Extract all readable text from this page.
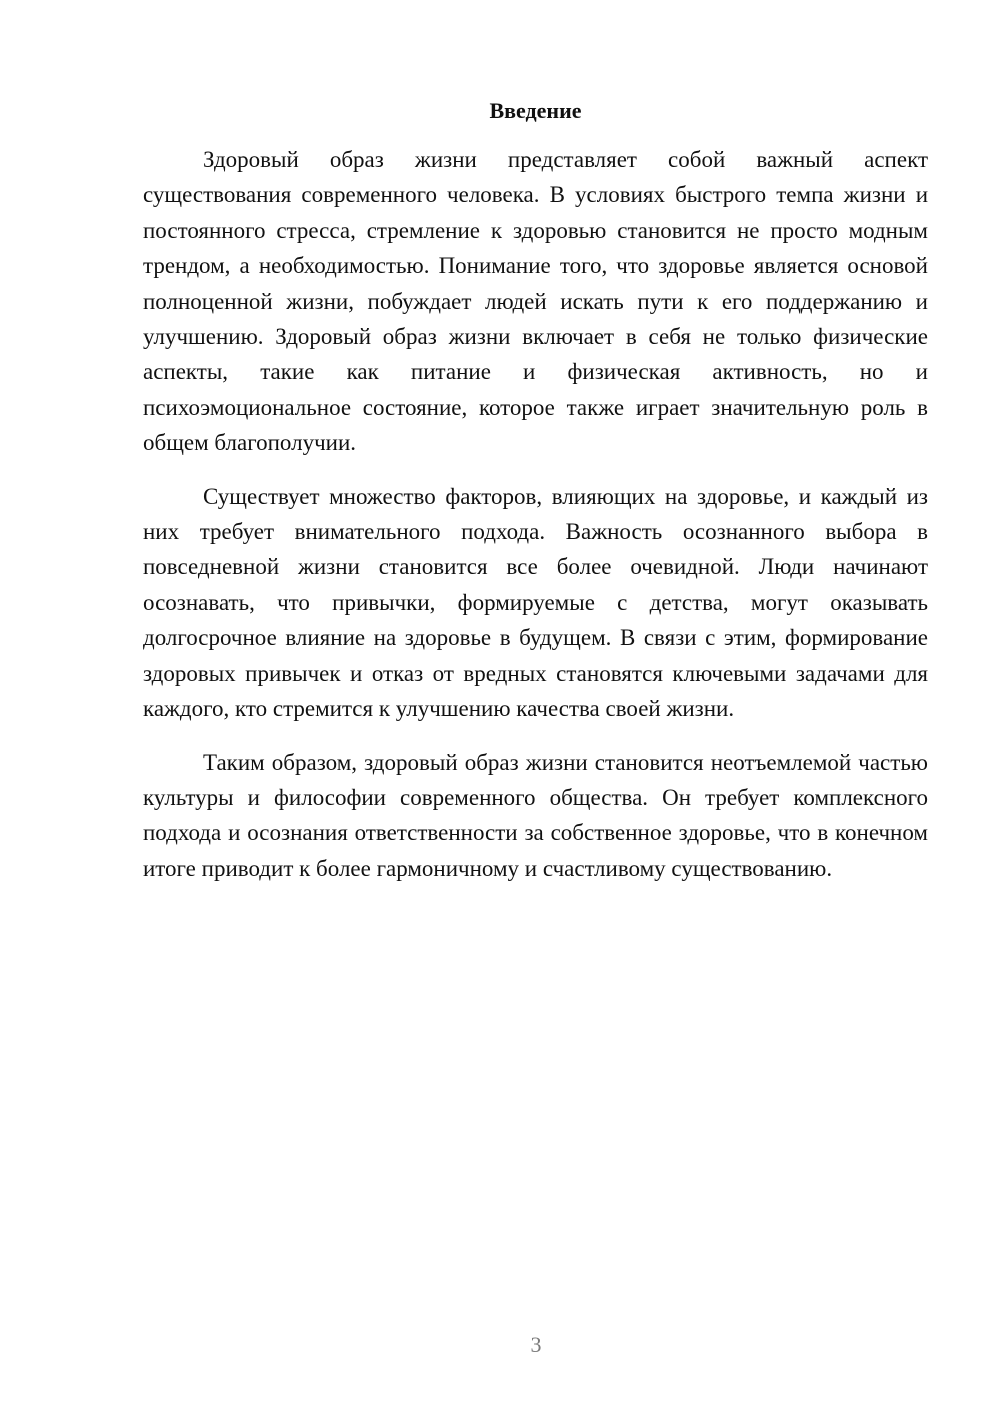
Введение

Здоровый образ жизни представляет собой важный аспект существования современного человека. В условиях быстрого темпа жизни и постоянного стресса, стремление к здоровью становится не просто модным трендом, а необходимостью. Понимание того, что здоровье является основой полноценной жизни, побуждает людей искать пути к его поддержанию и улучшению. Здоровый образ жизни включает в себя не только физические аспекты, такие как питание и физическая активность, но и психоэмоциональное состояние, которое также играет значительную роль в общем благополучии.

Существует множество факторов, влияющих на здоровье, и каждый из них требует внимательного подхода. Важность осознанного выбора в повседневной жизни становится все более очевидной. Люди начинают осознавать, что привычки, формируемые с детства, могут оказывать долгосрочное влияние на здоровье в будущем. В связи с этим, формирование здоровых привычек и отказ от вредных становятся ключевыми задачами для каждого, кто стремится к улучшению качества своей жизни.

Таким образом, здоровый образ жизни становится неотъемлемой частью культуры и философии современного общества. Он требует комплексного подхода и осознания ответственности за собственное здоровье, что в конечном итоге приводит к более гармоничному и счастливому существованию.

3
